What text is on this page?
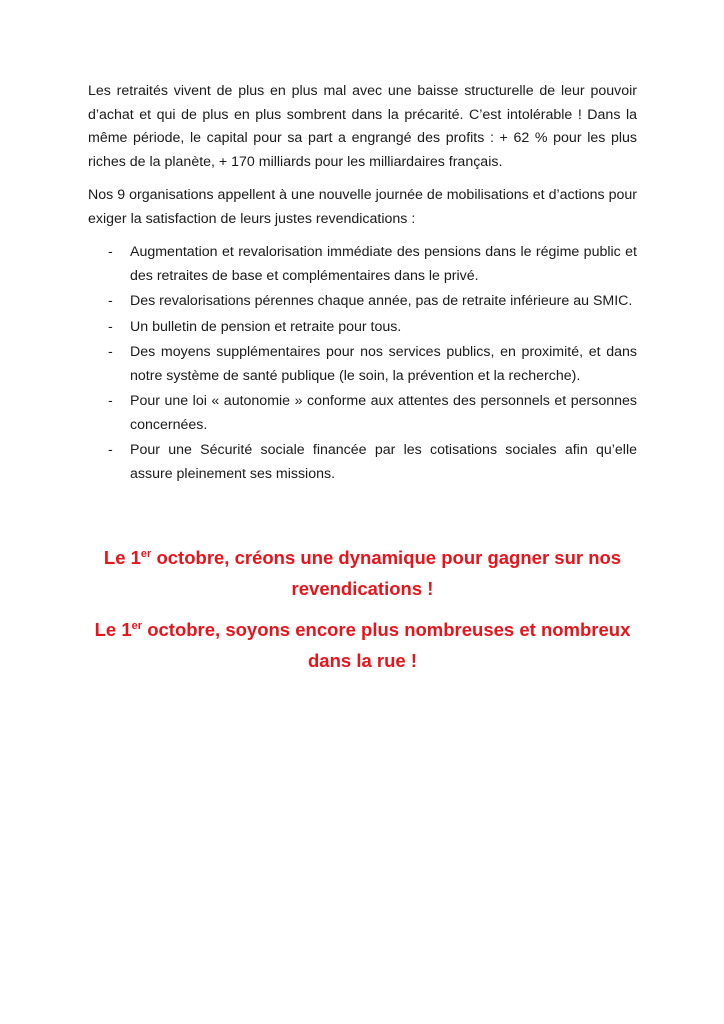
Les retraités vivent de plus en plus mal avec une baisse structurelle de leur pouvoir d’achat et qui de plus en plus sombrent dans la précarité. C’est intolérable ! Dans la même période, le capital pour sa part a engrangé des profits : + 62 % pour les plus riches de la planète, + 170 milliards pour les milliardaires français.

Nos 9 organisations appellent à une nouvelle journée de mobilisations et d’actions pour exiger la satisfaction de leurs justes revendications :

- Augmentation et revalorisation immédiate des pensions dans le régime public et des retraites de base et complémentaires dans le privé.
- Des revalorisations pérennes chaque année, pas de retraite inférieure au SMIC.
- Un bulletin de pension et retraite pour tous.
- Des moyens supplémentaires pour nos services publics, en proximité, et dans notre système de santé publique (le soin, la prévention et la recherche).
- Pour une loi « autonomie » conforme aux attentes des personnels et personnes concernées.
- Pour une Sécurité sociale financée par les cotisations sociales afin qu’elle assure pleinement ses missions.

Le 1er octobre, créons une dynamique pour gagner sur nos revendications !

Le 1er octobre, soyons encore plus nombreuses et nombreux dans la rue !
